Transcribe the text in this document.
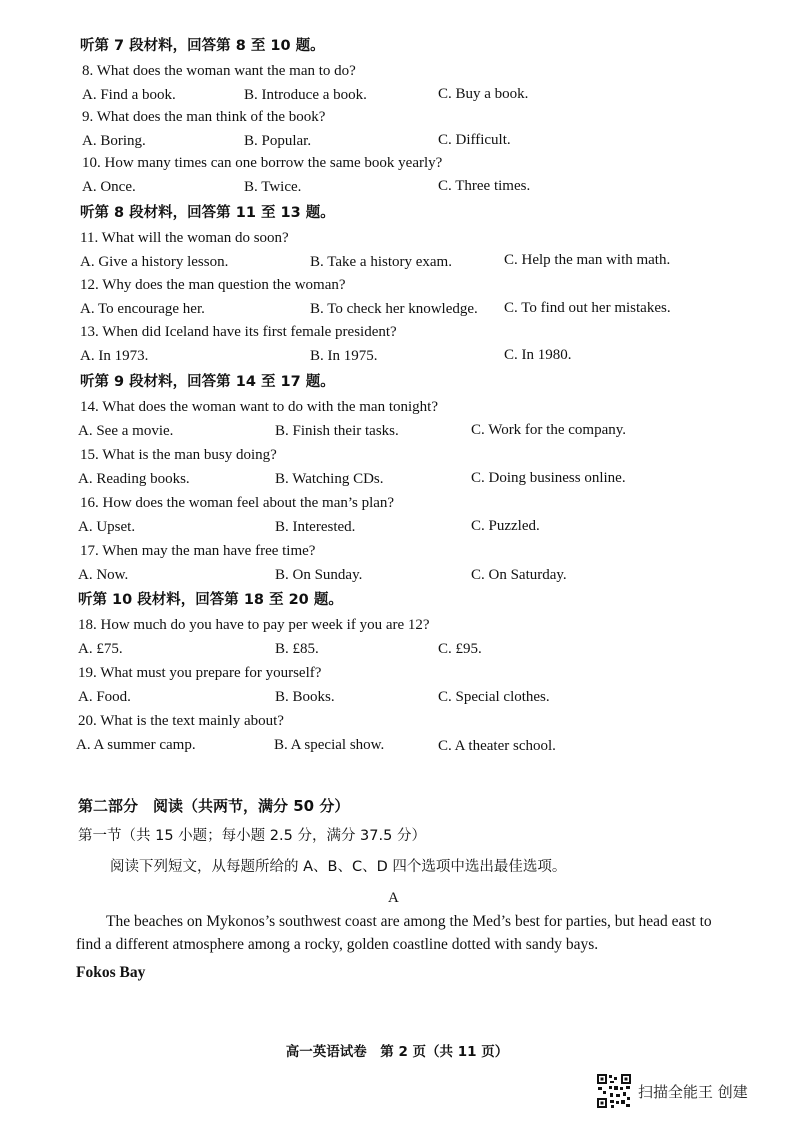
听第 7 段材料，回答第 8 至 10 题。
8. What does the woman want the man to do?
A. Find a book.	B. Introduce a book.	C. Buy a book.
9. What does the man think of the book?
A. Boring.	B. Popular.	C. Difficult.
10. How many times can one borrow the same book yearly?
A. Once.	B. Twice.	C. Three times.
听第 8 段材料，回答第 11 至 13 题。
11. What will the woman do soon?
A. Give a history lesson.	B. Take a history exam.	C. Help the man with math.
12. Why does the man question the woman?
A. To encourage her.	B. To check her knowledge. C. To find out her mistakes.
13. When did Iceland have its first female president?
A. In 1973.	B. In 1975.	C. In 1980.
听第 9 段材料，回答第 14 至 17 题。
14. What does the woman want to do with the man tonight?
A. See a movie.	B. Finish their tasks.	C. Work for the company.
15. What is the man busy doing?
A. Reading books.	B. Watching CDs.	C. Doing business online.
16. How does the woman feel about the man’s plan?
A. Upset.	B. Interested.	C. Puzzled.
17. When may the man have free time?
A. Now.	B. On Sunday.	C. On Saturday.
听第 10 段材料，回答第 18 至 20 题。
18. How much do you have to pay per week if you are 12?
A. £75.	B. £85.	C. £95.
19. What must you prepare for yourself?
A. Food.	B. Books.	C. Special clothes.
20. What is the text mainly about?
A. A summer camp.	B. A special show.	C. A theater school.
第二部分　阅读（共两节，满分 50 分）
第一节（共 15 小题；每小题 2.5 分，满分 37.5 分）
阅读下列短文，从每题所给的 A、B、C、D 四个选项中选出最佳选项。
A
The beaches on Mykonos’s southwest coast are among the Med’s best for parties, but head east to find a different atmosphere among a rocky, golden coastline dotted with sandy bays.
Fokos Bay
高一英语试卷　第 2 页（共 11 页）
扫描全能王 创建
